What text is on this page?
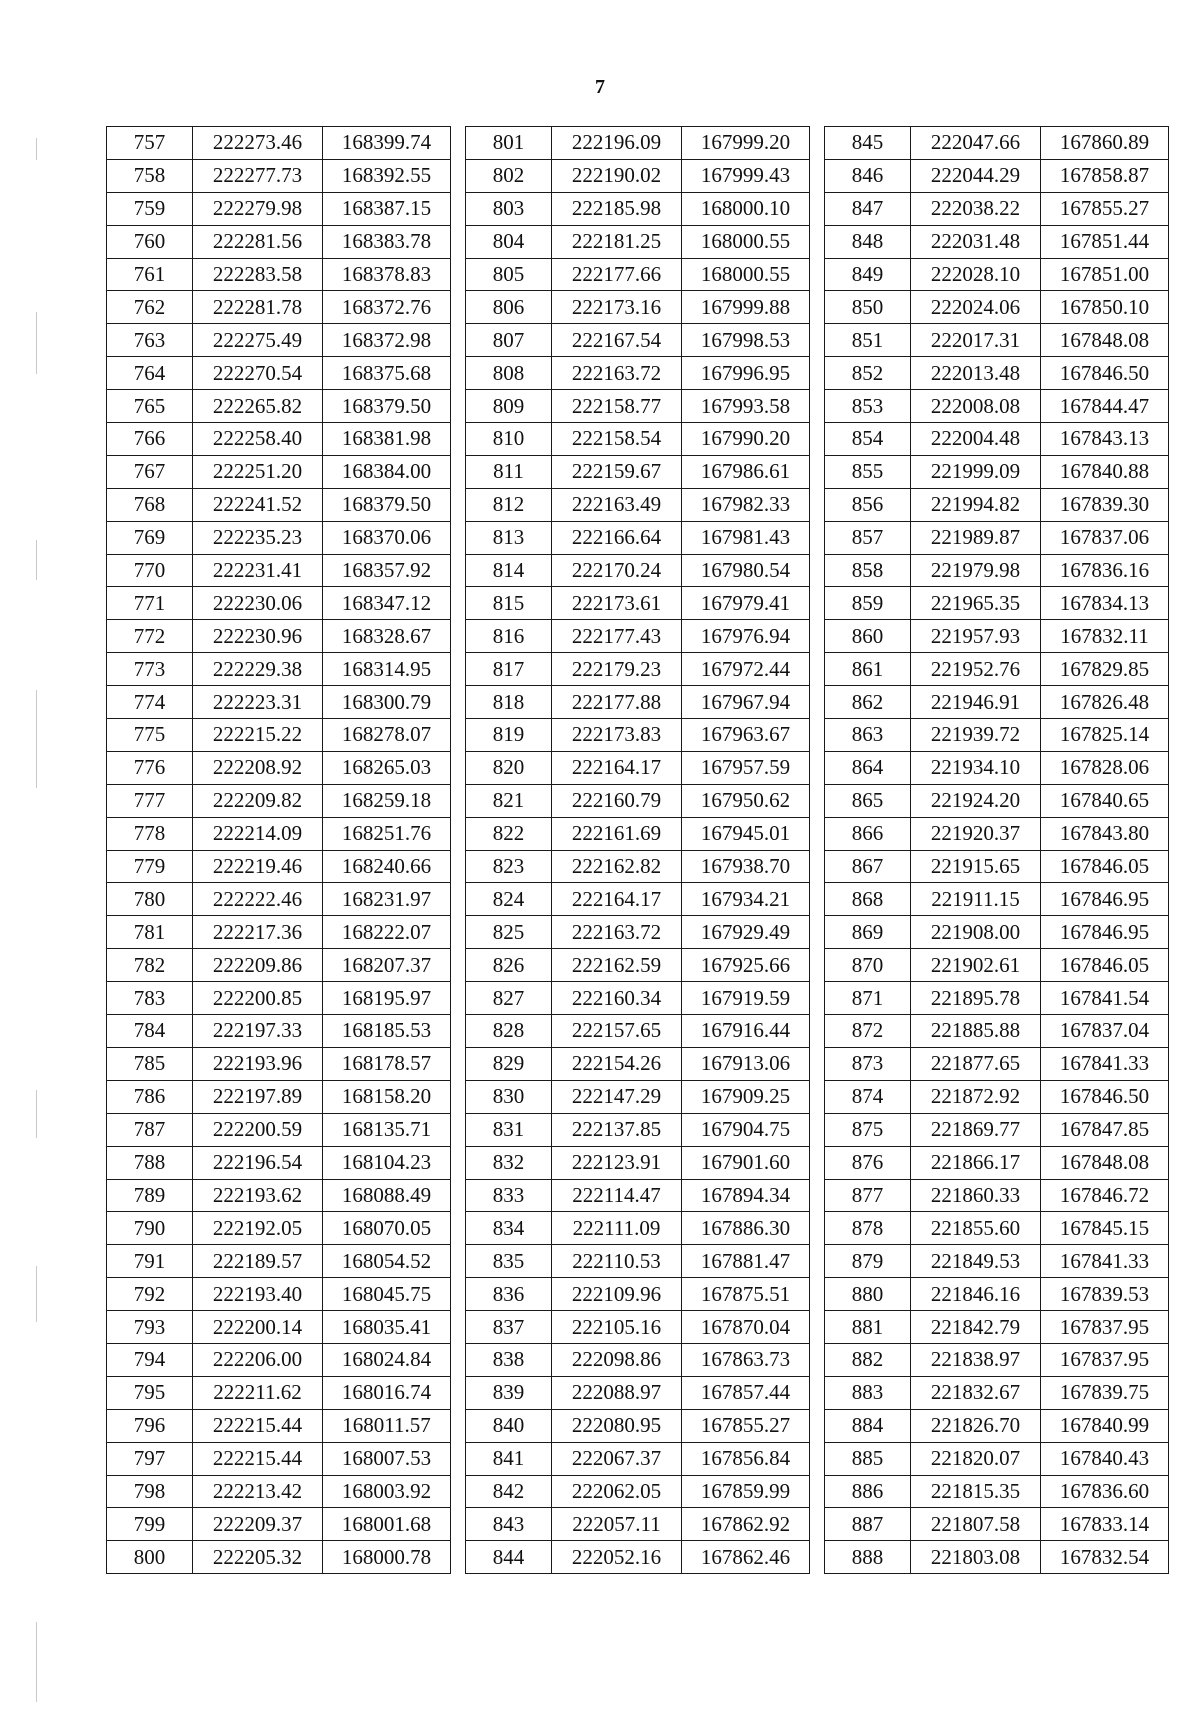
7
757	222273.46	168399.74
758	222277.73	168392.55
759	222279.98	168387.15
760	222281.56	168383.78
761	222283.58	168378.83
762	222281.78	168372.76
763	222275.49	168372.98
764	222270.54	168375.68
765	222265.82	168379.50
766	222258.40	168381.98
767	222251.20	168384.00
768	222241.52	168379.50
769	222235.23	168370.06
770	222231.41	168357.92
771	222230.06	168347.12
772	222230.96	168328.67
773	222229.38	168314.95
774	222223.31	168300.79
775	222215.22	168278.07
776	222208.92	168265.03
777	222209.82	168259.18
778	222214.09	168251.76
779	222219.46	168240.66
780	222222.46	168231.97
781	222217.36	168222.07
782	222209.86	168207.37
783	222200.85	168195.97
784	222197.33	168185.53
785	222193.96	168178.57
786	222197.89	168158.20
787	222200.59	168135.71
788	222196.54	168104.23
789	222193.62	168088.49
790	222192.05	168070.05
791	222189.57	168054.52
792	222193.40	168045.75
793	222200.14	168035.41
794	222206.00	168024.84
795	222211.62	168016.74
796	222215.44	168011.57
797	222215.44	168007.53
798	222213.42	168003.92
799	222209.37	168001.68
800	222205.32	168000.78
801	222196.09	167999.20
802	222190.02	167999.43
803	222185.98	168000.10
804	222181.25	168000.55
805	222177.66	168000.55
806	222173.16	167999.88
807	222167.54	167998.53
808	222163.72	167996.95
809	222158.77	167993.58
810	222158.54	167990.20
811	222159.67	167986.61
812	222163.49	167982.33
813	222166.64	167981.43
814	222170.24	167980.54
815	222173.61	167979.41
816	222177.43	167976.94
817	222179.23	167972.44
818	222177.88	167967.94
819	222173.83	167963.67
820	222164.17	167957.59
821	222160.79	167950.62
822	222161.69	167945.01
823	222162.82	167938.70
824	222164.17	167934.21
825	222163.72	167929.49
826	222162.59	167925.66
827	222160.34	167919.59
828	222157.65	167916.44
829	222154.26	167913.06
830	222147.29	167909.25
831	222137.85	167904.75
832	222123.91	167901.60
833	222114.47	167894.34
834	222111.09	167886.30
835	222110.53	167881.47
836	222109.96	167875.51
837	222105.16	167870.04
838	222098.86	167863.73
839	222088.97	167857.44
840	222080.95	167855.27
841	222067.37	167856.84
842	222062.05	167859.99
843	222057.11	167862.92
844	222052.16	167862.46
845	222047.66	167860.89
846	222044.29	167858.87
847	222038.22	167855.27
848	222031.48	167851.44
849	222028.10	167851.00
850	222024.06	167850.10
851	222017.31	167848.08
852	222013.48	167846.50
853	222008.08	167844.47
854	222004.48	167843.13
855	221999.09	167840.88
856	221994.82	167839.30
857	221989.87	167837.06
858	221979.98	167836.16
859	221965.35	167834.13
860	221957.93	167832.11
861	221952.76	167829.85
862	221946.91	167826.48
863	221939.72	167825.14
864	221934.10	167828.06
865	221924.20	167840.65
866	221920.37	167843.80
867	221915.65	167846.05
868	221911.15	167846.95
869	221908.00	167846.95
870	221902.61	167846.05
871	221895.78	167841.54
872	221885.88	167837.04
873	221877.65	167841.33
874	221872.92	167846.50
875	221869.77	167847.85
876	221866.17	167848.08
877	221860.33	167846.72
878	221855.60	167845.15
879	221849.53	167841.33
880	221846.16	167839.53
881	221842.79	167837.95
882	221838.97	167837.95
883	221832.67	167839.75
884	221826.70	167840.99
885	221820.07	167840.43
886	221815.35	167836.60
887	221807.58	167833.14
888	221803.08	167832.54
